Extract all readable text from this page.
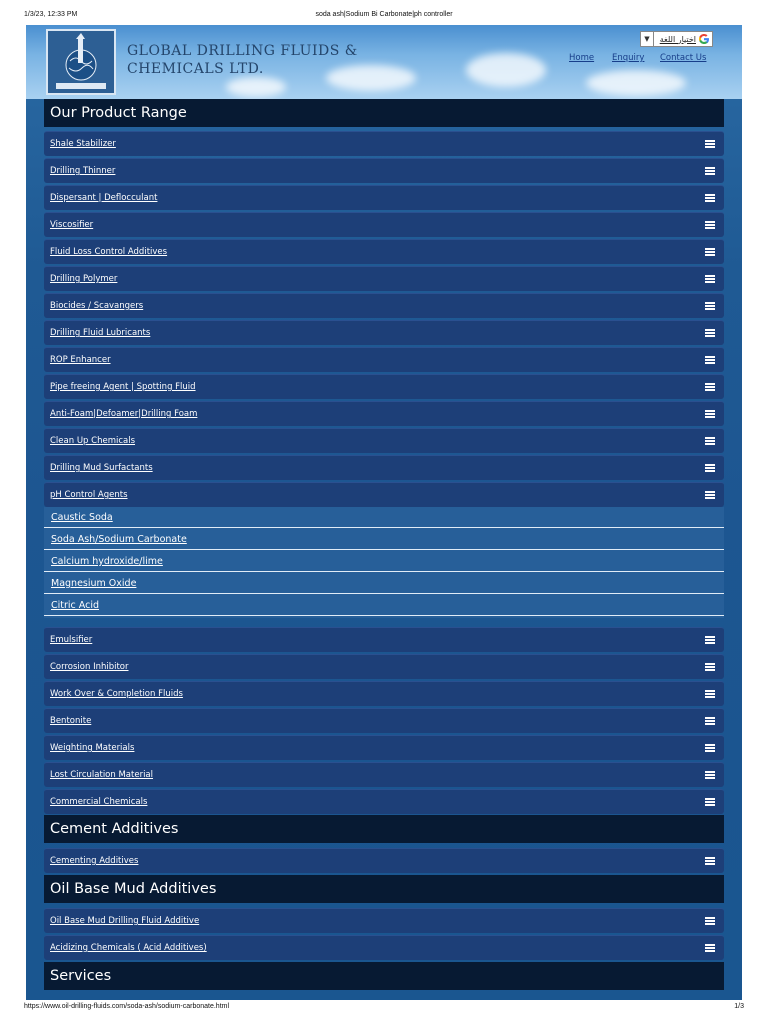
1/3/23, 12:33 PM	soda ash|Sodium Bi Carbonate|ph controller
GLOBAL DRILLING FLUIDS &
CHEMICALS LTD.
▼	اختيار اللغة
Home Enquiry Contact Us
Our Product Range
Shale Stabilizer
Drilling Thinner
Dispersant | Deflocculant
Viscosifier
Fluid Loss Control Additives
Drilling Polymer
Biocides / Scavangers
Drilling Fluid Lubricants
ROP Enhancer
Pipe freeing Agent | Spotting Fluid
Anti-Foam|Defoamer|Drilling Foam
Clean Up Chemicals
Drilling Mud Surfactants
pH Control Agents
Caustic Soda
Soda Ash/Sodium Carbonate
Calcium hydroxide/lime
Magnesium Oxide
Citric Acid
Emulsifier
Corrosion Inhibitor
Work Over & Completion Fluids
Bentonite
Weighting Materials
Lost Circulation Material
Commercial Chemicals
Cement Additives
Cementing Additives
Oil Base Mud Additives
Oil Base Mud Drilling Fluid Additive
Acidizing Chemicals ( Acid Additives)
Services
https://www.oil-drilling-fluids.com/soda-ash/sodium-carbonate.html	1/3
